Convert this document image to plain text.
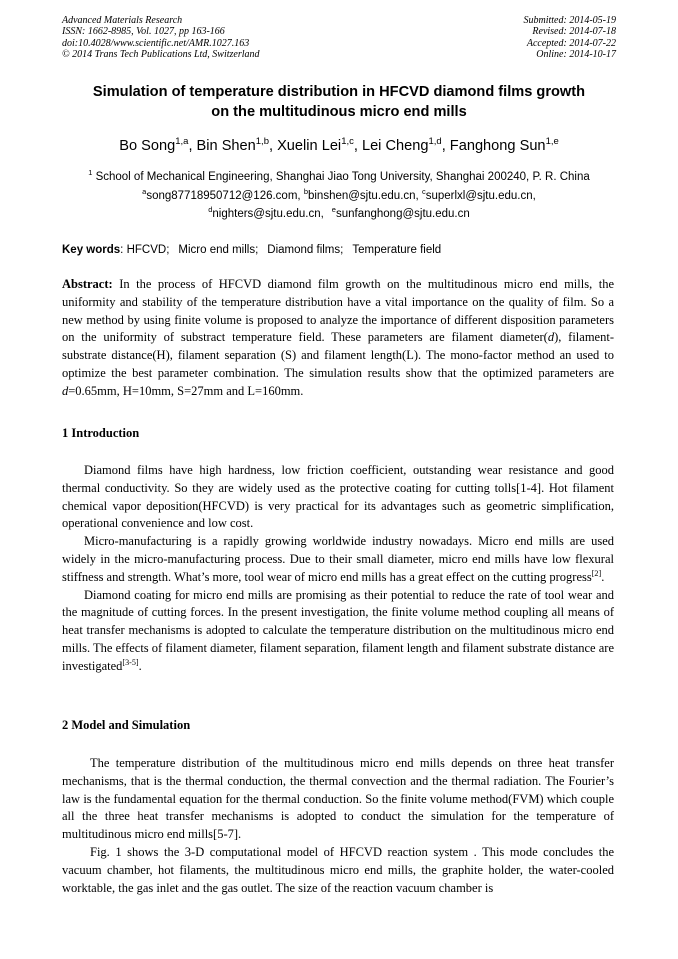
Advanced Materials Research
ISSN: 1662-8985, Vol. 1027, pp 163-166
doi:10.4028/www.scientific.net/AMR.1027.163
© 2014 Trans Tech Publications Ltd, Switzerland
Submitted: 2014-05-19
Revised: 2014-07-18
Accepted: 2014-07-22
Online: 2014-10-17
Simulation of temperature distribution in HFCVD diamond films growth
on the multitudinous micro end mills
Bo Song$^{1,a}$, Bin Shen$^{1,b}$, Xuelin Lei$^{1,c}$, Lei Cheng$^{1,d}$, Fanghong Sun$^{1,e}$
$^1$ School of Mechanical Engineering, Shanghai Jiao Tong University, Shanghai 200240, P. R. China
$^a$song87718950712@126.com, $^b$binshen@sjtu.edu.cn, $^c$superlxl@sjtu.edu.cn,
$^d$nighters@sjtu.edu.cn, $^e$sunfanghong@sjtu.edu.cn
Key words: HFCVD; Micro end mills; Diamond films; Temperature field

Abstract: In the process of HFCVD diamond film growth on the multitudinous micro end mills, the uniformity and stability of the temperature distribution have a vital importance on the quality of film. So a new method by using finite volume is proposed to analyze the importance of different disposition parameters on the uniformity of substract temperature field. These parameters are filament diameter(d), filament-substrate distance(H), filament separation (S) and filament length(L). The mono-factor method an used to optimize the best parameter combination. The simulation results show that the optimized parameters are d=0.65mm, H=10mm, S=27mm and L=160mm.

1 Introduction

Diamond films have high hardness, low friction coefficient, outstanding wear resistance and good thermal conductivity. So they are widely used as the protective coating for cutting tolls[1-4]. Hot filament chemical vapor deposition(HFCVD) is very practical for its advantages such as geometric simplification, operational convenience and low cost.

Micro-manufacturing is a rapidly growing worldwide industry nowadays. Micro end mills are used widely in the micro-manufacturing process. Due to their small diameter, micro end mills have low flexural stiffness and strength. What’s more, tool wear of micro end mills has a great effect on the cutting progress[2].

Diamond coating for micro end mills are promising as their potential to reduce the rate of tool wear and the magnitude of cutting forces. In the present investigation, the finite volume method coupling all means of heat transfer mechanisms is adopted to calculate the temperature distribution on the multitudinous micro end mills. The effects of filament diameter, filament separation, filament length and filament substrate distance are investigated[3-5].

2 Model and Simulation

The temperature distribution of the multitudinous micro end mills depends on three heat transfer mechanisms, that is the thermal conduction, the thermal convection and the thermal radiation. The Fourier’s law is the fundamental equation for the thermal conduction. So the finite volume method(FVM) which couple all the three heat transfer mechanisms is adopted to conduct the simulation for the temperature of multitudinous micro end mills[5-7].

Fig. 1 shows the 3-D computational model of HFCVD reaction system . This mode concludes the vacuum chamber, hot filaments, the multitudinous micro end mills, the graphite holder, the water-cooled worktable, the gas inlet and the gas outlet. The size of the reaction vacuum chamber is
